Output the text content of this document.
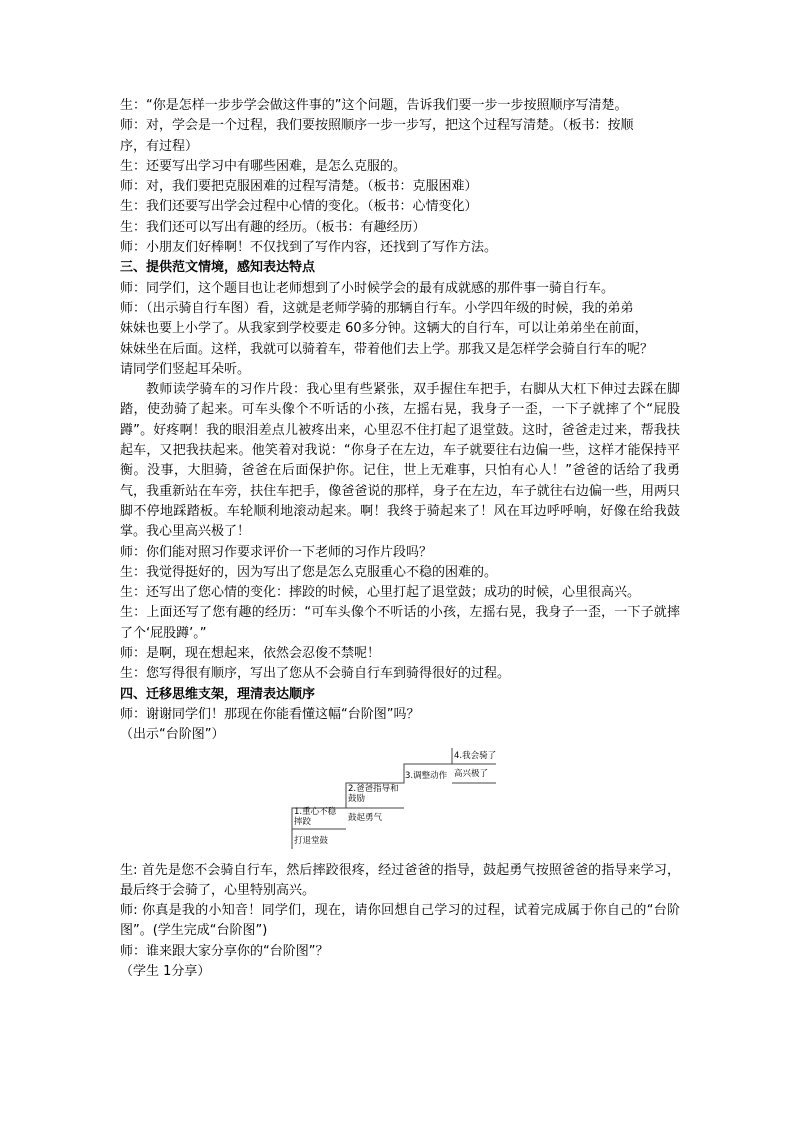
生：“你是怎样一步步学会做这件事的”这个问题，告诉我们要一步一步按照顺序写清楚。
师：对，学会是一个过程，我们要按照顺序一步一步写，把这个过程写清楚。（板书：按顺
序，有过程）
生：还要写出学习中有哪些困难，是怎么克服的。
师：对，我们要把克服困难的过程写清楚。（板书：克服困难）
生：我们还要写出学会过程中心情的变化。（板书：心情变化）
生：我们还可以写出有趣的经历。（板书：有趣经历）
师：小朋友们好棒啊！不仅找到了写作内容，还找到了写作方法。
三、提供范文情境，感知表达特点
师：同学们，这个题目也让老师想到了小时候学会的最有成就感的那件事一骑自行车。
师：（出示骑自行车图）看，这就是老师学骑的那辆自行车。小学四年级的时候，我的弟弟
妹妹也要上小学了。从我家到学校要走 60多分钟。这辆大的自行车，可以让弟弟坐在前面，
妹妹坐在后面。这样，我就可以骑着车，带着他们去上学。那我又是怎样学会骑自行车的呢？
请同学们竖起耳朵听。
教师读学骑车的习作片段：我心里有些紧张，双手握住车把手，右脚从大杠下伸过去踩在脚踏，使劲骑了起来。可车头像个不听话的小孩，左摇右晃，我身子一歪，一下子就摔了个“屁股蹲”。好疼啊！我的眼泪差点儿被疼出来，心里忍不住打起了退堂鼓。这时，爸爸走过来，帮我扶起车，又把我扶起来。他笑着对我说：“你身子在左边，车子就要往右边偏一些，这样才能保持平衡。没事，大胆骑，爸爸在后面保护你。记住，世上无难事，只怕有心人！”爸爸的话给了我勇气，我重新站在车旁，扶住车把手，像爸爸说的那样，身子在左边，车子就往右边偏一些，用两只脚不停地踩踏板。车轮顺利地滚动起来。啊！我终于骑起来了！风在耳边呼呼响，好像在给我鼓掌。我心里高兴极了！
师：你们能对照习作要求评价一下老师的习作片段吗？
生：我觉得挺好的，因为写出了您是怎么克服重心不稳的困难的。
生：还写出了您心情的变化：摔跤的时候，心里打起了退堂鼓；成功的时候，心里很高兴。
生：上面还写了您有趣的经历：“可车头像个不听话的小孩，左摇右晃，我身子一歪，一下子就摔了个‘屁股蹲’。”
师：是啊，现在想起来，依然会忍俊不禁呢！
生：您写得很有顺序，写出了您从不会骑自行车到骑得很好的过程。
四、迁移思维支架，理清表达顺序
师：谢谢同学们！那现在你能看懂这幅“台阶图”吗？
（出示“台阶图”）
1.重心不稳
摔跤
打退堂鼓
2.爸爸指导和
鼓励
鼓起勇气
3.调整动作
4.我会骑了
高兴极了
生: 首先是您不会骑自行车，然后摔跤很疼，经过爸爸的指导，鼓起勇气按照爸爸的指导来学习，最后终于会骑了，心里特别高兴。
师: 你真是我的小知音！同学们，现在，请你回想自己学习的过程，试着完成属于你自己的“台阶图”。(学生完成“台阶图”)
师：谁来跟大家分享你的“台阶图”？
（学生 1分享）
